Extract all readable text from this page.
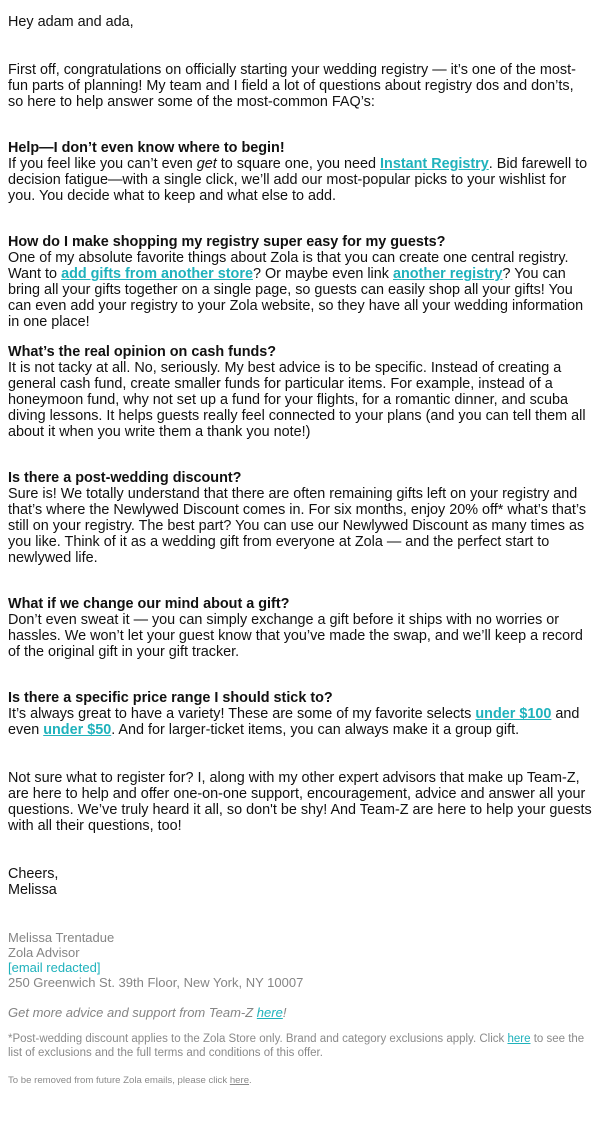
Hey adam and ada,

First off, congratulations on officially starting your wedding registry — it’s one of the most-fun parts of planning! My team and I field a lot of questions about registry dos and don’ts, so here to help answer some of the most-common FAQ’s:

Help—I don’t even know where to begin!
If you feel like you can’t even get to square one, you need Instant Registry. Bid farewell to decision fatigue—with a single click, we’ll add our most-popular picks to your wishlist for you. You decide what to keep and what else to add.

How do I make shopping my registry super easy for my guests?
One of my absolute favorite things about Zola is that you can create one central registry. Want to add gifts from another store? Or maybe even link another registry? You can bring all your gifts together on a single page, so guests can easily shop all your gifts! You can even add your registry to your Zola website, so they have all your wedding information in one place!

What’s the real opinion on cash funds?
It is not tacky at all. No, seriously. My best advice is to be specific. Instead of creating a general cash fund, create smaller funds for particular items. For example, instead of a honeymoon fund, why not set up a fund for your flights, for a romantic dinner, and scuba diving lessons. It helps guests really feel connected to your plans (and you can tell them all about it when you write them a thank you note!)

Is there a post-wedding discount?
Sure is! We totally understand that there are often remaining gifts left on your registry and that’s where the Newlywed Discount comes in. For six months, enjoy 20% off* what’s that’s still on your registry. The best part? You can use our Newlywed Discount as many times as you like. Think of it as a wedding gift from everyone at Zola — and the perfect start to newlywed life.

What if we change our mind about a gift?
Don’t even sweat it — you can simply exchange a gift before it ships with no worries or hassles. We won’t let your guest know that you’ve made the swap, and we’ll keep a record of the original gift in your gift tracker.

Is there a specific price range I should stick to?
It’s always great to have a variety! These are some of my favorite selects under $100 and even under $50. And for larger-ticket items, you can always make it a group gift.

Not sure what to register for? I, along with my other expert advisors that make up Team-Z, are here to help and offer one-on-one support, encouragement, advice and answer all your questions. We’ve truly heard it all, so don't be shy! And Team-Z are here to help your guests with all their questions, too!

Cheers,
Melissa

Melissa Trentadue
Zola Advisor
[email redacted]
250 Greenwich St. 39th Floor, New York, NY 10007
Get more advice and support from Team-Z here!
*Post-wedding discount applies to the Zola Store only. Brand and category exclusions apply. Click here to see the list of exclusions and the full terms and conditions of this offer.
To be removed from future Zola emails, please click here.
